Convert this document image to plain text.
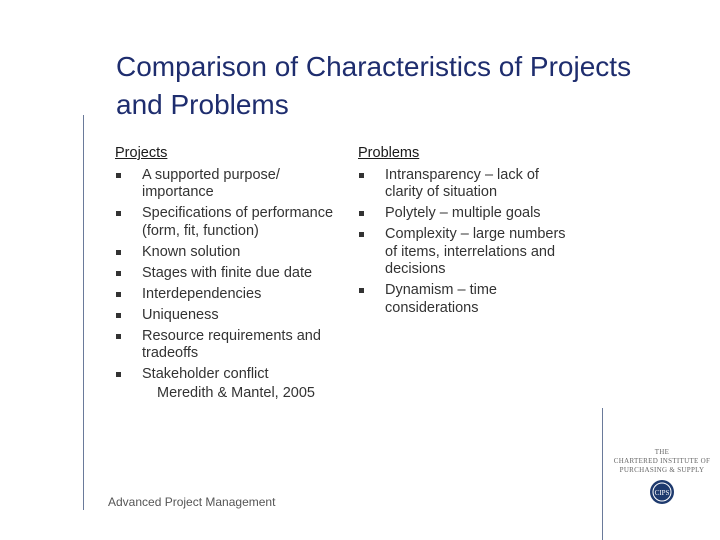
Comparison of Characteristics of Projects and Problems
Projects
A supported purpose/ importance
Specifications of performance (form, fit, function)
Known solution
Stages with finite due date
Interdependencies
Uniqueness
Resource requirements and tradeoffs
Stakeholder conflict
Meredith & Mantel, 2005
Problems
Intransparency – lack of clarity of situation
Polytely – multiple goals
Complexity – large numbers of items, interrelations and decisions
Dynamism – time considerations
Advanced Project Management
THE
CHARTERED INSTITUTE OF
PURCHASING & SUPPLY
CIPS
